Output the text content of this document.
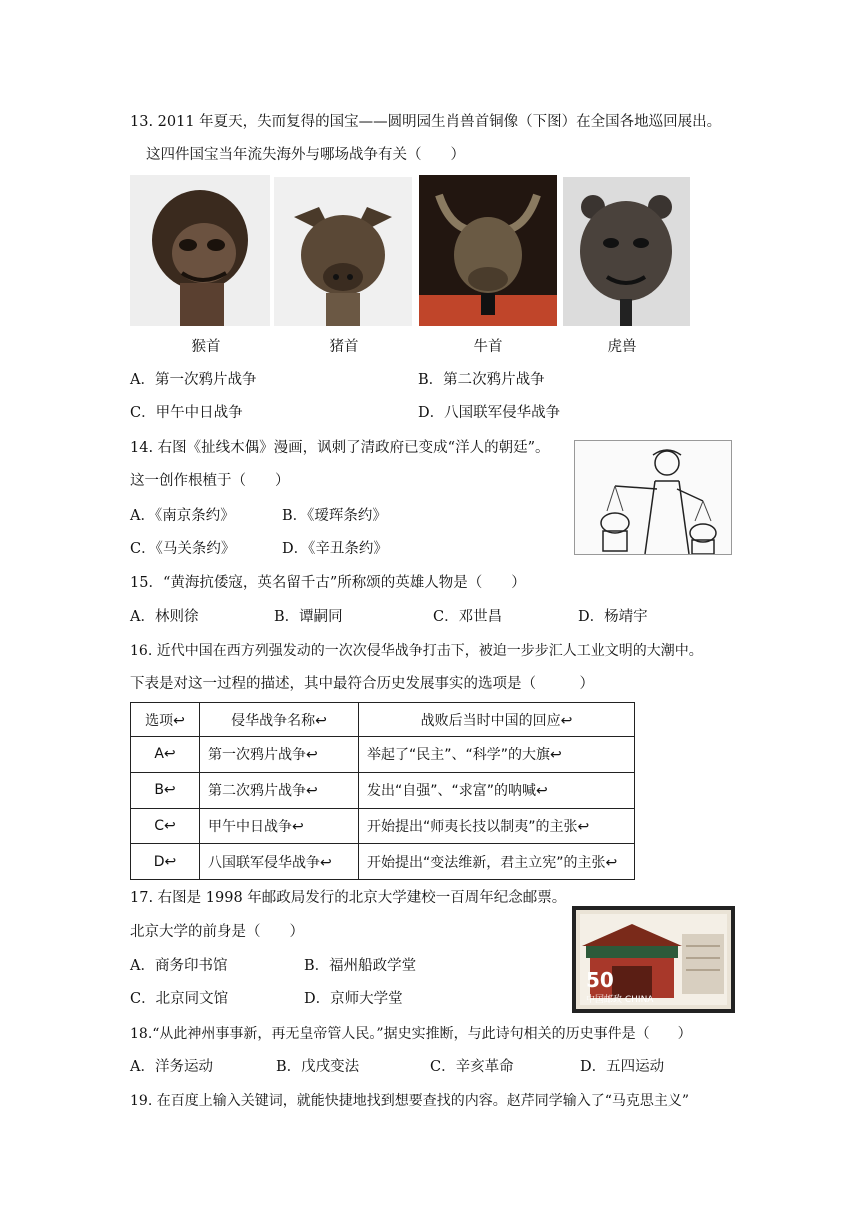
13. 2011 年夏天，失而复得的国宝——圆明园生肖兽首铜像（下图）在全国各地巡回展出。
这四件国宝当年流失海外与哪场战争有关（　　）
猴首	猪首	牛首	虎兽
A．第一次鸦片战争	B．第二次鸦片战争
C．甲午中日战争	D．八国联军侵华战争
14. 右图《扯线木偶》漫画，讽刺了清政府已变成“洋人的朝廷”。
这一创作根植于（　　）
A．《南京条约》	B．《瑷珲条约》
C．《马关条约》	D．《辛丑条约》
15．“黄海抗倭寇，英名留千古”所称颂的英雄人物是（　　）
A．林则徐	B．谭嗣同	C．邓世昌	D．杨靖宇
16. 近代中国在西方列强发动的一次次侵华战争打击下，被迫一步步汇人工业文明的大潮中。
下表是对这一过程的描述，其中最符合历史发展事实的选项是（　　　）
选项↩	侵华战争名称↩	战败后当时中国的回应↩
A↩	第一次鸦片战争↩	举起了“民主”、“科学”的大旗↩
B↩	第二次鸦片战争↩	发出“自强”、“求富”的呐喊↩
C↩	甲午中日战争↩	开始提出“师夷长技以制夷”的主张↩
D↩	八国联军侵华战争↩	开始提出“变法维新，君主立宪”的主张↩
17. 右图是 1998 年邮政局发行的北京大学建校一百周年纪念邮票。
北京大学的前身是（　　）
A．商务印书馆	B．福州船政学堂
C．北京同文馆	D．京师大学堂
50
中国邮政 CHINA
18.“从此神州事事新，再无皇帝管人民。”据史实推断，与此诗句相关的历史事件是（　　）
A．洋务运动	B．戊戌变法	C．辛亥革命	D．五四运动
19. 在百度上输入关键词，就能快捷地找到想要查找的内容。赵芹同学输入了“马克思主义”
